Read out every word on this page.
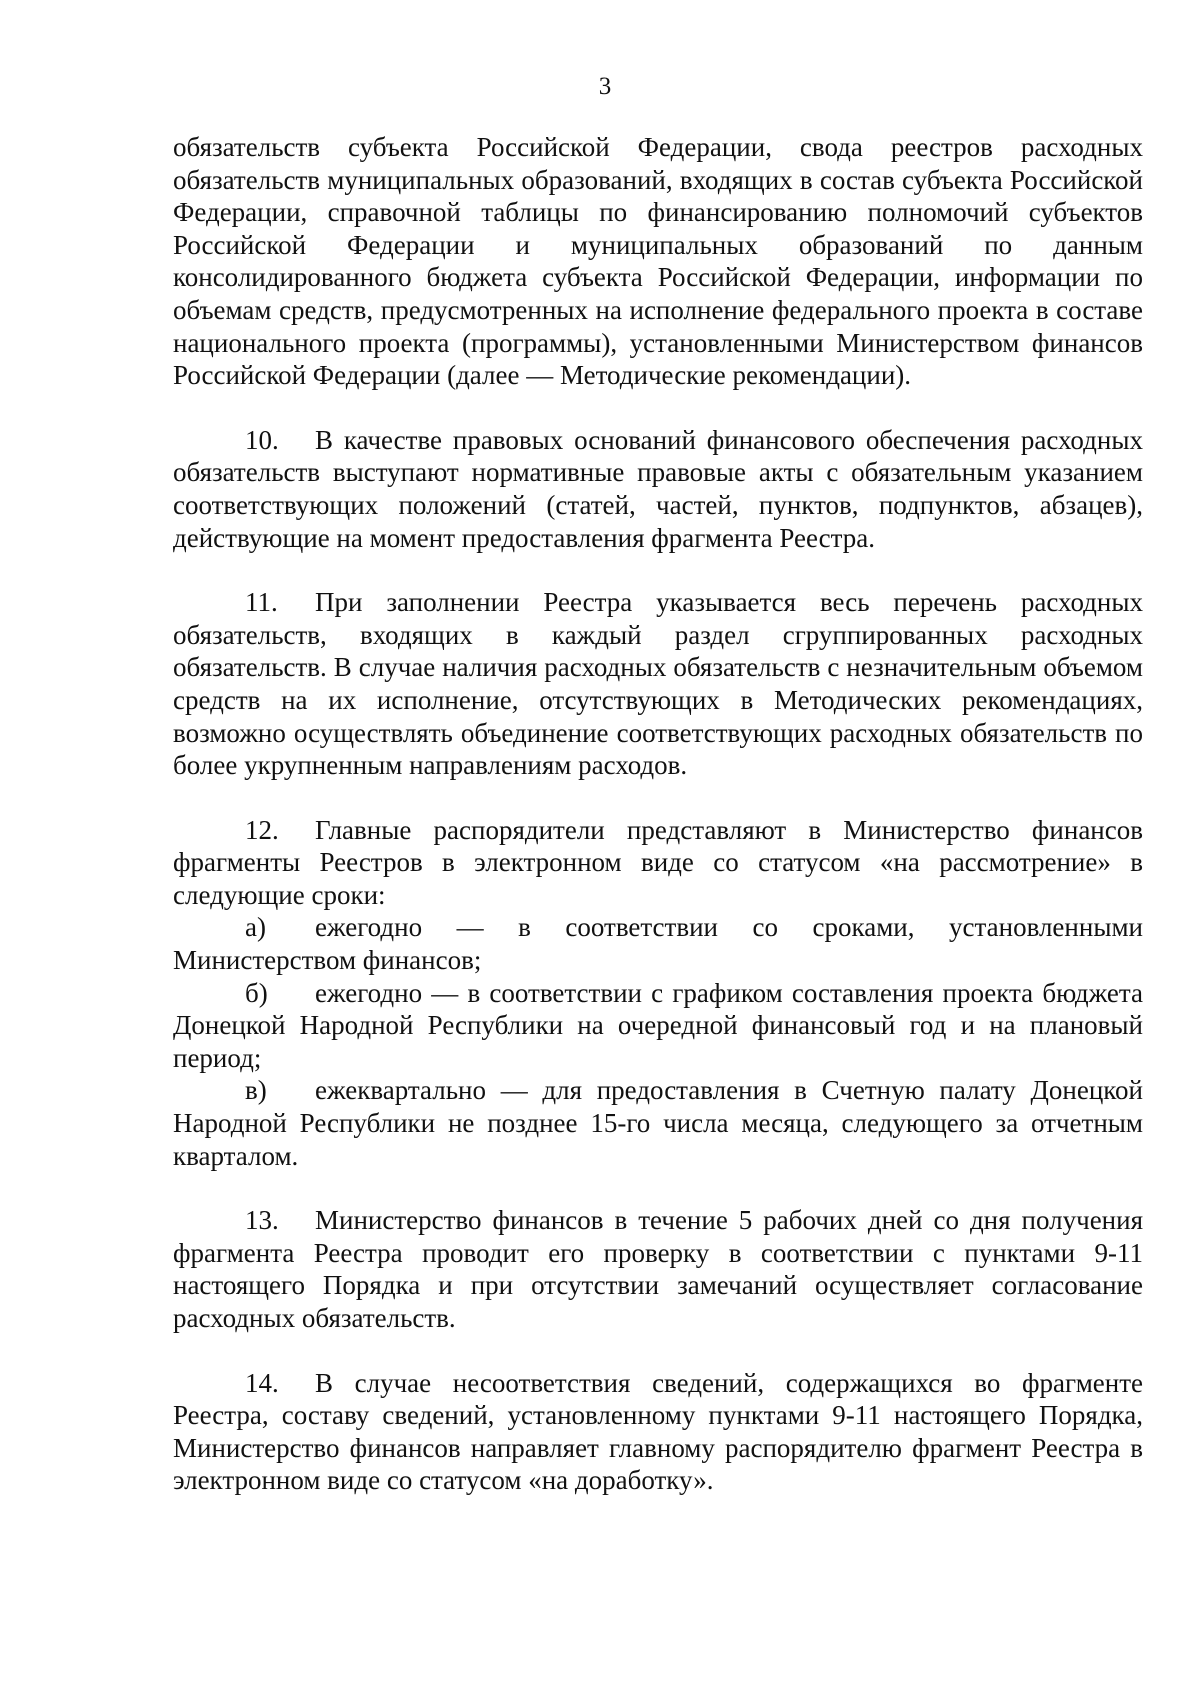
3

обязательств субъекта Российской Федерации, свода реестров расходных обязательств муниципальных образований, входящих в состав субъекта Российской Федерации, справочной таблицы по финансированию полномочий субъектов Российской Федерации и муниципальных образований по данным консолидированного бюджета субъекта Российской Федерации, информации по объемам средств, предусмотренных на исполнение федерального проекта в составе национального проекта (программы), установленными Министерством финансов Российской Федерации (далее — Методические рекомендации).

10. В качестве правовых оснований финансового обеспечения расходных обязательств выступают нормативные правовые акты с обязательным указанием соответствующих положений (статей, частей, пунктов, подпунктов, абзацев), действующие на момент предоставления фрагмента Реестра.

11. При заполнении Реестра указывается весь перечень расходных обязательств, входящих в каждый раздел сгруппированных расходных обязательств. В случае наличия расходных обязательств с незначительным объемом средств на их исполнение, отсутствующих в Методических рекомендациях, возможно осуществлять объединение соответствующих расходных обязательств по более укрупненным направлениям расходов.

12. Главные распорядители представляют в Министерство финансов фрагменты Реестров в электронном виде со статусом «на рассмотрение» в следующие сроки:

а) ежегодно — в соответствии со сроками, установленными Министерством финансов;

б) ежегодно — в соответствии с графиком составления проекта бюджета Донецкой Народной Республики на очередной финансовый год и на плановый период;

в) ежеквартально — для предоставления в Счетную палату Донецкой Народной Республики не позднее 15-го числа месяца, следующего за отчетным кварталом.

13. Министерство финансов в течение 5 рабочих дней со дня получения фрагмента Реестра проводит его проверку в соответствии с пунктами 9-11 настоящего Порядка и при отсутствии замечаний осуществляет согласование расходных обязательств.

14. В случае несоответствия сведений, содержащихся во фрагменте Реестра, составу сведений, установленному пунктами 9-11 настоящего Порядка, Министерство финансов направляет главному распорядителю фрагмент Реестра в электронном виде со статусом «на доработку».
